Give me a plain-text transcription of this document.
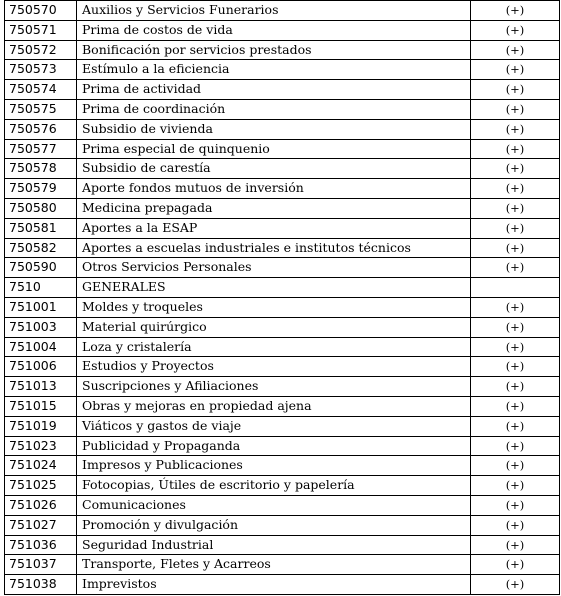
750570	Auxilios y Servicios Funerarios	(+)
750571	Prima de costos de vida	(+)
750572	Bonificación por servicios prestados	(+)
750573	Estímulo a la eficiencia	(+)
750574	Prima de actividad	(+)
750575	Prima de coordinación	(+)
750576	Subsidio de vivienda	(+)
750577	Prima especial de quinquenio	(+)
750578	Subsidio de carestía	(+)
750579	Aporte fondos mutuos de inversión	(+)
750580	Medicina prepagada	(+)
750581	Aportes a la ESAP	(+)
750582	Aportes a escuelas industriales e institutos técnicos	(+)
750590	Otros Servicios Personales	(+)
7510	GENERALES	
751001	Moldes y troqueles	(+)
751003	Material quirúrgico	(+)
751004	Loza y cristalería	(+)
751006	Estudios y Proyectos	(+)
751013	Suscripciones y Afiliaciones	(+)
751015	Obras y mejoras en propiedad ajena	(+)
751019	Viáticos y gastos de viaje	(+)
751023	Publicidad y Propaganda	(+)
751024	Impresos y Publicaciones	(+)
751025	Fotocopias, Útiles de escritorio y papelería	(+)
751026	Comunicaciones	(+)
751027	Promoción y divulgación	(+)
751036	Seguridad Industrial	(+)
751037	Transporte, Fletes y Acarreos	(+)
751038	Imprevistos	(+)
